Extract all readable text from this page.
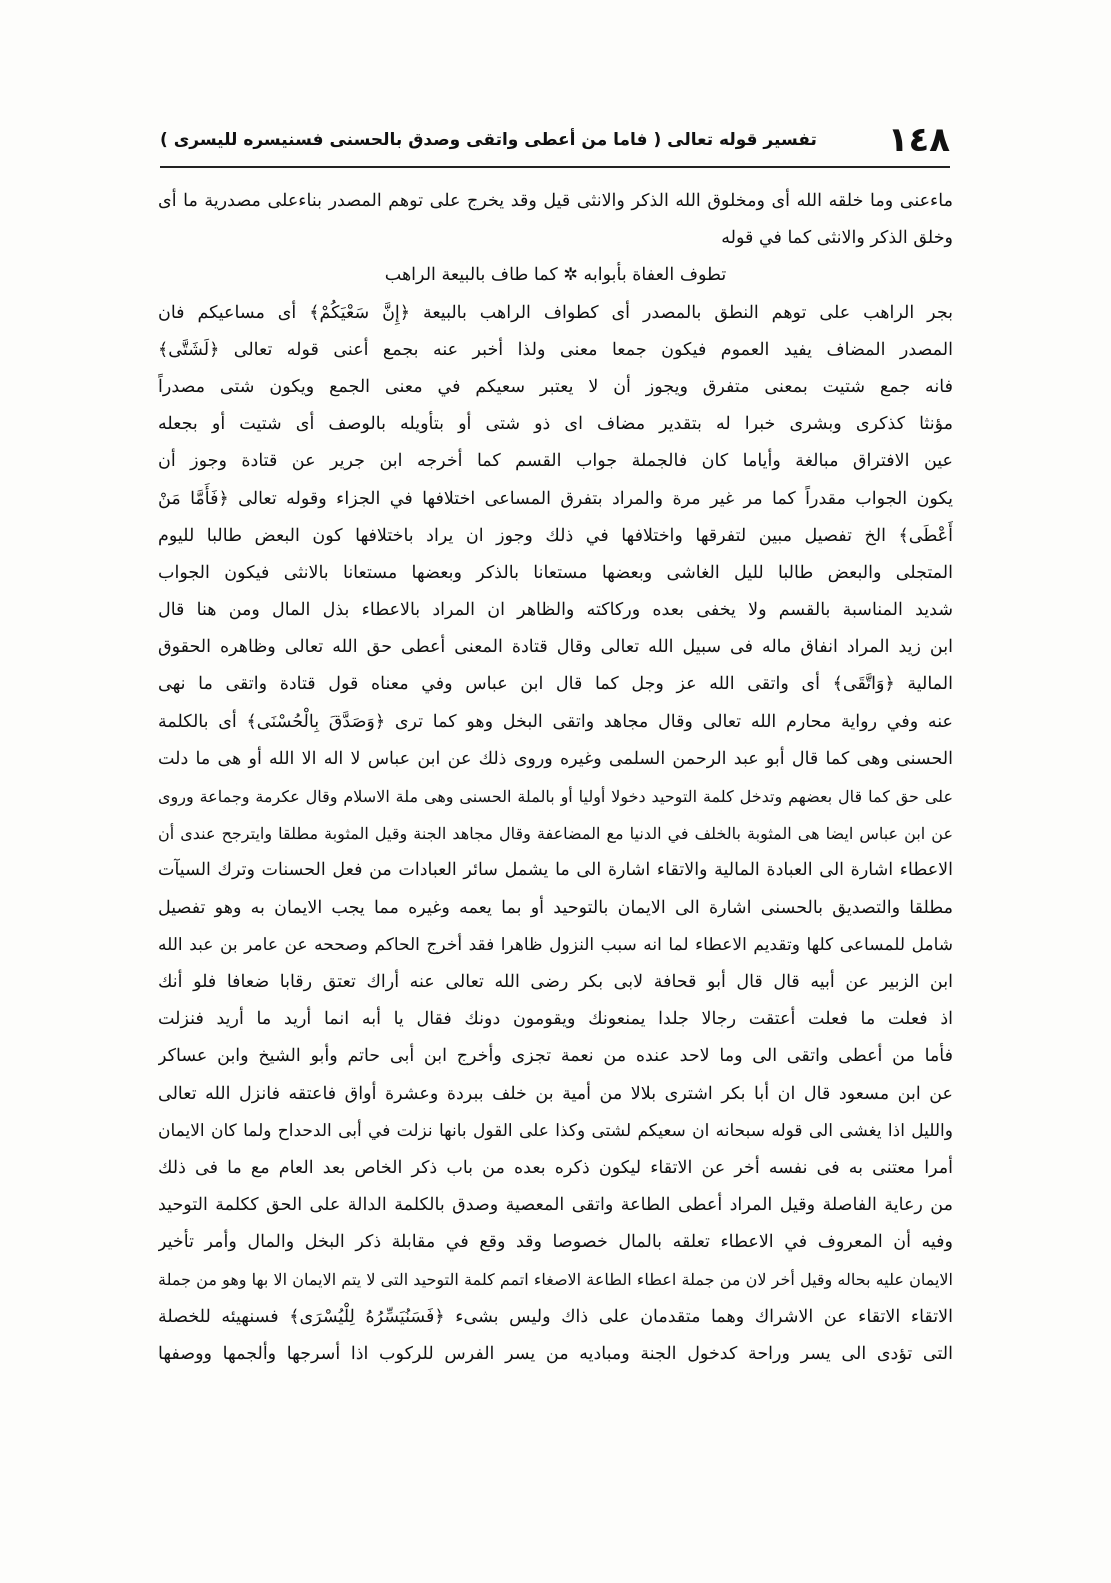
١٤٨
تفسير قوله تعالى ( فاما من أعطى واتقى وصدق بالحسنى فسنيسره لليسرى )
ماءعنى وما خلقه الله أى ومخلوق الله الذكر والانثى قيل وقد يخرج على توهم المصدر بناءعلى مصدرية ما أى
وخلق الذكر والانثى كما في قوله
تطوف العفاة بأبوابه ✲ كما طاف بالبيعة الراهب
بجر الراهب على توهم النطق بالمصدر أى كطواف الراهب بالبيعة ﴿إِنَّ سَعْيَكُمْ﴾ أى مساعيكم فان
المصدر المضاف يفيد العموم فيكون جمعا معنى ولذا أخبر عنه بجمع أعنى قوله تعالى ﴿لَشَتَّى﴾
فانه جمع شتيت بمعنى متفرق ويجوز أن لا يعتبر سعيكم في معنى الجمع ويكون شتى مصدراً
مؤنثا كذكرى وبشرى خبرا له بتقدير مضاف اى ذو شتى أو بتأويله بالوصف أى شتيت أو بجعله
عين الافتراق مبالغة وأياما كان فالجملة جواب القسم كما أخرجه ابن جرير عن قتادة وجوز أن
يكون الجواب مقدراً كما مر غير مرة والمراد بتفرق المساعى اختلافها في الجزاء وقوله تعالى ﴿فَأَمَّا مَنْ
أَعْطَى﴾ الخ تفصيل مبين لتفرقها واختلافها في ذلك وجوز ان يراد باختلافها كون البعض طالبا لليوم
المتجلى والبعض طالبا لليل الغاشى وبعضها مستعانا بالذكر وبعضها مستعانا بالانثى فيكون الجواب
شديد المناسبة بالقسم ولا يخفى بعده وركاكته والظاهر ان المراد بالاعطاء بذل المال ومن هنا قال
ابن زيد المراد انفاق ماله فى سبيل الله تعالى وقال قتادة المعنى أعطى حق الله تعالى وظاهره الحقوق
المالية ﴿وَاتَّقَى﴾ أى واتقى الله عز وجل كما قال ابن عباس وفي معناه قول قتادة واتقى ما نهى
عنه وفي رواية محارم الله تعالى وقال مجاهد واتقى البخل وهو كما ترى ﴿وَصَدَّقَ بِالْحُسْنَى﴾ أى بالكلمة
الحسنى وهى كما قال أبو عبد الرحمن السلمى وغيره وروى ذلك عن ابن عباس لا اله الا الله أو هى ما دلت
على حق كما قال بعضهم وتدخل كلمة التوحيد دخولا أوليا أو بالملة الحسنى وهى ملة الاسلام وقال عكرمة وجماعة وروى
عن ابن عباس ايضا هى المثوبة بالخلف في الدنيا مع المضاعفة وقال مجاهد الجنة وقيل المثوبة مطلقا وايترجح عندى أن
الاعطاء اشارة الى العبادة المالية والاتقاء اشارة الى ما يشمل سائر العبادات من فعل الحسنات وترك السيآت
مطلقا والتصديق بالحسنى اشارة الى الايمان بالتوحيد أو بما يعمه وغيره مما يجب الايمان به وهو تفصيل
شامل للمساعى كلها وتقديم الاعطاء لما انه سبب النزول ظاهرا فقد أخرج الحاكم وصححه عن عامر بن عبد الله
ابن الزبير عن أبيه قال قال أبو قحافة لابى بكر رضى الله تعالى عنه أراك تعتق رقابا ضعافا فلو أنك
اذ فعلت ما فعلت أعتقت رجالا جلدا يمنعونك ويقومون دونك فقال يا أبه انما أريد ما أريد فنزلت
فأما من أعطى واتقى الى وما لاحد عنده من نعمة تجزى وأخرج ابن أبى حاتم وأبو الشيخ وابن عساكر
عن ابن مسعود قال ان أبا بكر اشترى بلالا من أمية بن خلف ببردة وعشرة أواق فاعتقه فانزل الله تعالى
والليل اذا يغشى الى قوله سبحانه ان سعيكم لشتى وكذا على القول بانها نزلت في أبى الدحداح ولما كان الايمان
أمرا معتنى به فى نفسه أخر عن الاتقاء ليكون ذكره بعده من باب ذكر الخاص بعد العام مع ما فى ذلك
من رعاية الفاصلة وقيل المراد أعطى الطاعة واتقى المعصية وصدق بالكلمة الدالة على الحق ككلمة التوحيد
وفيه أن المعروف في الاعطاء تعلقه بالمال خصوصا وقد وقع في مقابلة ذكر البخل والمال وأمر تأخير
الايمان عليه بحاله وقيل أخر لان من جملة اعطاء الطاعة الاصغاء اتمم كلمة التوحيد التى لا يتم الايمان الا بها وهو من جملة
الاتقاء الاتقاء عن الاشراك وهما متقدمان على ذاك وليس بشىء ﴿فَسَنُيَسِّرُهُ لِلْيُسْرَى﴾ فسنهيئه للخصلة
التى تؤدى الى يسر وراحة كدخول الجنة ومباديه من يسر الفرس للركوب اذا أسرجها وألجمها ووصفها
